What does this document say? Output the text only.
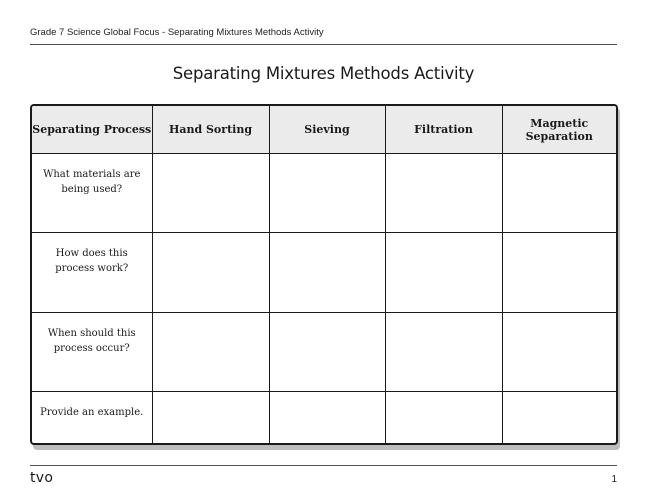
Grade 7 Science Global Focus - Separating Mixtures Methods Activity
Separating Mixtures Methods Activity
Separating Process	Hand Sorting	Sieving	Filtration	Magnetic Separation
What materials are being used?				
How does this process work?				
When should this process occur?				
Provide an example.				
tvo	1
